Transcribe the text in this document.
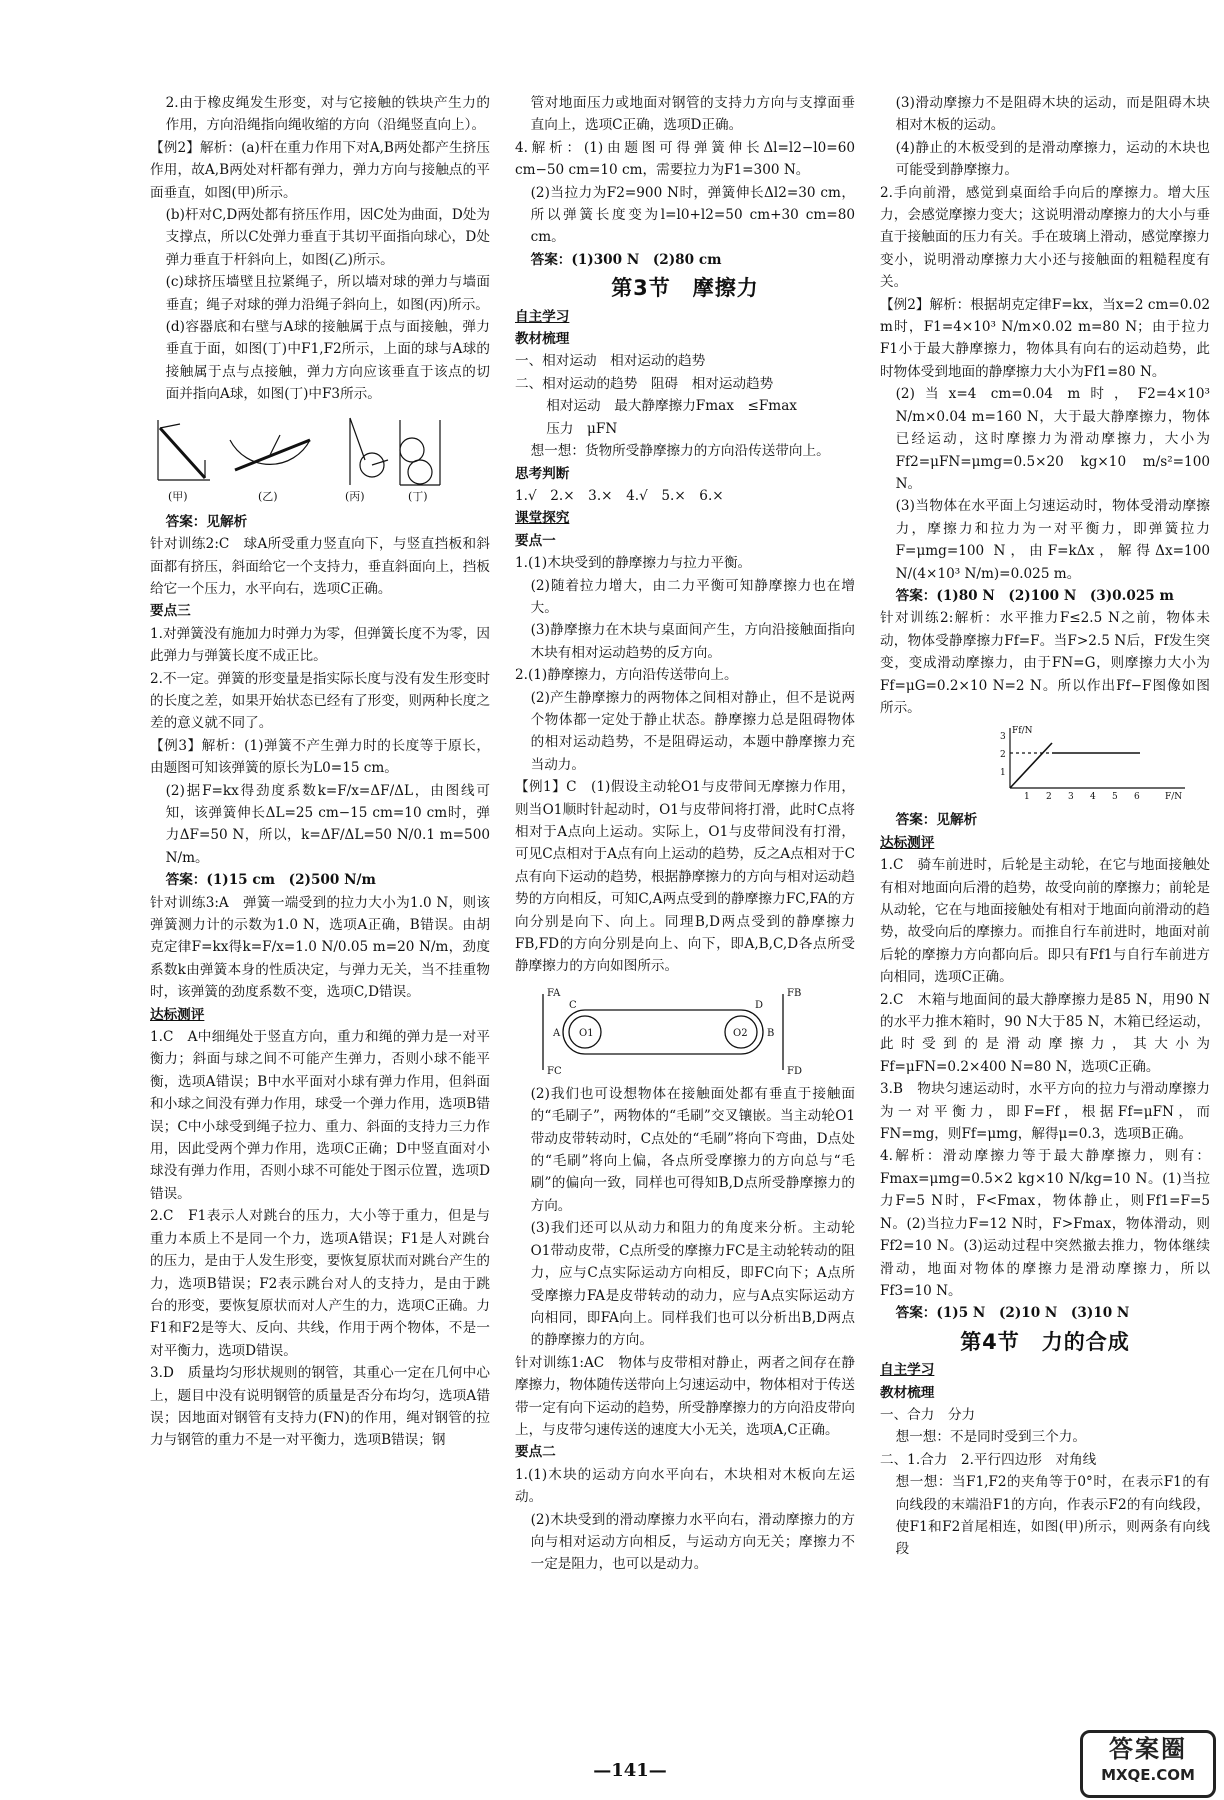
2.由于橡皮绳发生形变，对与它接触的铁块产生力的作用，方向沿绳指向绳收缩的方向（沿绳竖直向上）。

【例2】解析：(a)杆在重力作用下对A,B两处都产生挤压作用，故A,B两处对杆都有弹力，弹力方向与接触点的平面垂直，如图(甲)所示。

(b)杆对C,D两处都有挤压作用，因C处为曲面，D处为支撑点，所以C处弹力垂直于其切平面指向球心，D处弹力垂直于杆斜向上，如图(乙)所示。

(c)球挤压墙壁且拉紧绳子，所以墙对球的弹力与墙面垂直；绳子对球的弹力沿绳子斜向上，如图(丙)所示。

(d)容器底和右壁与A球的接触属于点与面接触，弹力垂直于面，如图(丁)中F1,F2所示，上面的球与A球的接触属于点与点接触，弹力方向应该垂直于该点的切面并指向A球，如图(丁)中F3所示。

(甲)	(乙)	(丙)	(丁)

答案：见解析

针对训练2:C　球A所受重力竖直向下，与竖直挡板和斜面都有挤压，斜面给它一个支持力，垂直斜面向上，挡板给它一个压力，水平向右，选项C正确。

要点三

1.对弹簧没有施加力时弹力为零，但弹簧长度不为零，因此弹力与弹簧长度不成正比。

2.不一定。弹簧的形变量是指实际长度与没有发生形变时的长度之差，如果开始状态已经有了形变，则两种长度之差的意义就不同了。

【例3】解析：(1)弹簧不产生弹力时的长度等于原长，由题图可知该弹簧的原长为L0=15 cm。

(2)据F=kx得劲度系数k=F/x=ΔF/ΔL，由图线可知，该弹簧伸长ΔL=25 cm−15 cm=10 cm时，弹力ΔF=50 N，所以，k=ΔF/ΔL=50 N/0.1 m=500 N/m。

答案：(1)15 cm　(2)500 N/m

针对训练3:A　弹簧一端受到的拉力大小为1.0 N，则该弹簧测力计的示数为1.0 N，选项A正确，B错误。由胡克定律F=kx得k=F/x=1.0 N/0.05 m=20 N/m，劲度系数k由弹簧本身的性质决定，与弹力无关，当不挂重物时，该弹簧的劲度系数不变，选项C,D错误。

达标测评

1.C　A中细绳处于竖直方向，重力和绳的弹力是一对平衡力；斜面与球之间不可能产生弹力，否则小球不能平衡，选项A错误；B中水平面对小球有弹力作用，但斜面和小球之间没有弹力作用，球受一个弹力作用，选项B错误；C中小球受到绳子拉力、重力、斜面的支持力三力作用，因此受两个弹力作用，选项C正确；D中竖直面对小球没有弹力作用，否则小球不可能处于图示位置，选项D错误。

2.C　F1表示人对跳台的压力，大小等于重力，但是与重力本质上不是同一个力，选项A错误；F1是人对跳台的压力，是由于人发生形变，要恢复原状而对跳台产生的力，选项B错误；F2表示跳台对人的支持力，是由于跳台的形变，要恢复原状而对人产生的力，选项C正确。力F1和F2是等大、反向、共线，作用于两个物体，不是一对平衡力，选项D错误。

3.D　质量均匀形状规则的钢管，其重心一定在几何中心上，题目中没有说明钢管的质量是否分布均匀，选项A错误；因地面对钢管有支持力(FN)的作用，绳对钢管的拉力与钢管的重力不是一对平衡力，选项B错误；钢

管对地面压力或地面对钢管的支持力方向与支撑面垂直向上，选项C正确，选项D正确。

4.解析：(1)由题图可得弹簧伸长Δl=l2−l0=60 cm−50 cm=10 cm，需要拉力为F1=300 N。

(2)当拉力为F2=900 N时，弹簧伸长Δl2=30 cm，所以弹簧长度变为l=l0+l2=50 cm+30 cm=80 cm。

答案：(1)300 N　(2)80 cm

第3节　摩擦力

自主学习

教材梳理

一、相对运动　相对运动的趋势

二、相对运动的趋势　阻碍　相对运动趋势

相对运动　最大静摩擦力Fmax　≤Fmax

压力　μFN

想一想：货物所受静摩擦力的方向沿传送带向上。

思考判断

1.√　2.×　3.×　4.√　5.×　6.×

课堂探究

要点一

1.(1)木块受到的静摩擦力与拉力平衡。

(2)随着拉力增大，由二力平衡可知静摩擦力也在增大。

(3)静摩擦力在木块与桌面间产生，方向沿接触面指向木块有相对运动趋势的反方向。

2.(1)静摩擦力，方向沿传送带向上。

(2)产生静摩擦力的两物体之间相对静止，但不是说两个物体都一定处于静止状态。静摩擦力总是阻碍物体的相对运动趋势，不是阻碍运动，本题中静摩擦力充当动力。

【例1】C　(1)假设主动轮O1与皮带间无摩擦力作用，则当O1顺时针起动时，O1与皮带间将打滑，此时C点将相对于A点向上运动。实际上，O1与皮带间没有打滑，可见C点相对于A点有向上运动的趋势，反之A点相对于C点有向下运动的趋势，根据静摩擦力的方向与相对运动趋势的方向相反，可知C,A两点受到的静摩擦力FC,FA的方向分别是向下、向上。同理B,D两点受到的静摩擦力FB,FD的方向分别是向上、向下，即A,B,C,D各点所受静摩擦力的方向如图所示。

A	B
C	D
O1	O2
FA	FB
FC	FD

(2)我们也可设想物体在接触面处都有垂直于接触面的“毛刷子”，两物体的“毛刷”交叉镶嵌。当主动轮O1带动皮带转动时，C点处的“毛刷”将向下弯曲，D点处的“毛刷”将向上偏，各点所受摩擦力的方向总与“毛刷”的偏向一致，同样也可得知B,D点所受静摩擦力的方向。

(3)我们还可以从动力和阻力的角度来分析。主动轮O1带动皮带，C点所受的摩擦力FC是主动轮转动的阻力，应与C点实际运动方向相反，即FC向下；A点所受摩擦力FA是皮带转动的动力，应与A点实际运动方向相同，即FA向上。同样我们也可以分析出B,D两点的静摩擦力的方向。

针对训练1:AC　物体与皮带相对静止，两者之间存在静摩擦力，物体随传送带向上匀速运动中，物体相对于传送带一定有向下运动的趋势，所受静摩擦力的方向沿皮带向上，与皮带匀速传送的速度大小无关，选项A,C正确。

要点二

1.(1)木块的运动方向水平向右，木块相对木板向左运动。

(2)木块受到的滑动摩擦力水平向右，滑动摩擦力的方向与相对运动方向相反，与运动方向无关；摩擦力不一定是阻力，也可以是动力。

(3)滑动摩擦力不是阻碍木块的运动，而是阻碍木块相对木板的运动。

(4)静止的木板受到的是滑动摩擦力，运动的木块也可能受到静摩擦力。

2.手向前滑，感觉到桌面给手向后的摩擦力。增大压力，会感觉摩擦力变大；这说明滑动摩擦力的大小与垂直于接触面的压力有关。手在玻璃上滑动，感觉摩擦力变小，说明滑动摩擦力大小还与接触面的粗糙程度有关。

【例2】解析：根据胡克定律F=kx，当x=2 cm=0.02 m时，F1=4×10³ N/m×0.02 m=80 N；由于拉力F1小于最大静摩擦力，物体具有向右的运动趋势，此时物体受到地面的静摩擦力大小为Ff1=80 N。

(2)当x=4 cm=0.04 m时，F2=4×10³ N/m×0.04 m=160 N，大于最大静摩擦力，物体已经运动，这时摩擦力为滑动摩擦力，大小为Ff2=μFN=μmg=0.5×20 kg×10 m/s²=100 N。

(3)当物体在水平面上匀速运动时，物体受滑动摩擦力，摩擦力和拉力为一对平衡力，即弹簧拉力F=μmg=100 N，由F=kΔx，解得Δx=100 N/(4×10³ N/m)=0.025 m。

答案：(1)80 N　(2)100 N　(3)0.025 m

针对训练2:解析：水平推力F≤2.5 N之前，物体未动，物体受静摩擦力Ff=F。当F>2.5 N后，Ff发生突变，变成滑动摩擦力，由于FN=G，则摩擦力大小为Ff=μG=0.2×10 N=2 N。所以作出Ff−F图像如图所示。

Ff/N
F/N
1 2 3 4 5 6
1
2
3

答案：见解析

达标测评

1.C　骑车前进时，后轮是主动轮，在它与地面接触处有相对地面向后滑的趋势，故受向前的摩擦力；前轮是从动轮，它在与地面接触处有相对于地面向前滑动的趋势，故受向后的摩擦力。而推自行车前进时，地面对前后轮的摩擦力方向都向后。即只有Ff1与自行车前进方向相同，选项C正确。

2.C　木箱与地面间的最大静摩擦力是85 N，用90 N的水平力推木箱时，90 N大于85 N，木箱已经运动，此时受到的是滑动摩擦力，其大小为Ff=μFN=0.2×400 N=80 N，选项C正确。

3.B　物块匀速运动时，水平方向的拉力与滑动摩擦力为一对平衡力，即F=Ff，根据Ff=μFN，而FN=mg，则Ff=μmg，解得μ=0.3，选项B正确。

4.解析：滑动摩擦力等于最大静摩擦力，则有：Fmax=μmg=0.5×2 kg×10 N/kg=10 N。(1)当拉力F=5 N时，F<Fmax，物体静止，则Ff1=F=5 N。(2)当拉力F=12 N时，F>Fmax，物体滑动，则Ff2=10 N。(3)运动过程中突然撤去推力，物体继续滑动，地面对物体的摩擦力是滑动摩擦力，所以Ff3=10 N。

答案：(1)5 N　(2)10 N　(3)10 N

第4节　力的合成

自主学习

教材梳理

一、合力　分力

想一想：不是同时受到三个力。

二、1.合力　2.平行四边形　对角线

想一想：当F1,F2的夹角等于0°时，在表示F1的有向线段的末端沿F1的方向，作表示F2的有向线段，使F1和F2首尾相连，如图(甲)所示，则两条有向线段

—141—
答案圈
MXQE.COM
